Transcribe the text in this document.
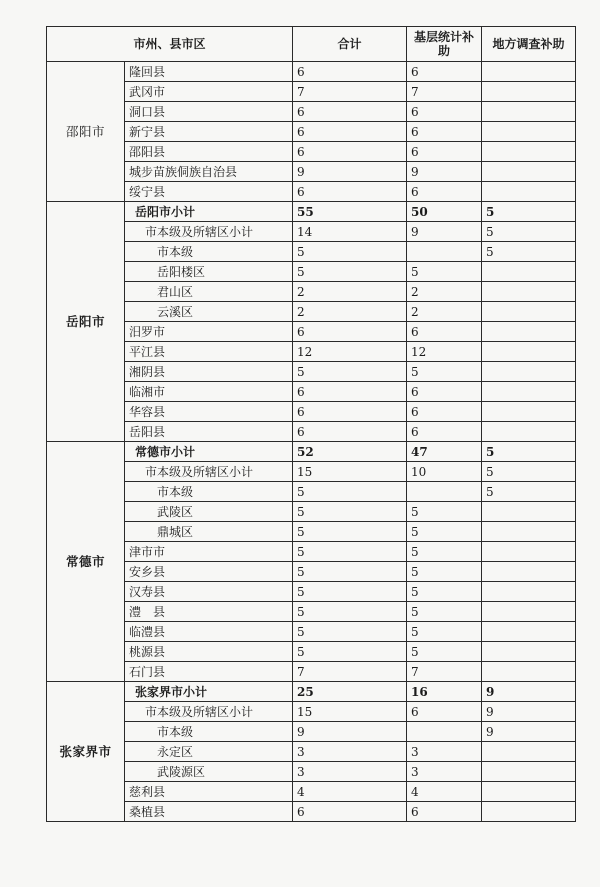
市州、县市区		合计	基层统计补助	地方调查补助
邵阳市	隆回县	6	6	
	武冈市	7	7	
	洞口县	6	6	
	新宁县	6	6	
	邵阳县	6	6	
	城步苗族侗族自治县	9	9	
	绥宁县	6	6	
岳阳市	岳阳市小计	55	50	5
	市本级及所辖区小计	14	9	5
	市本级	5		5
	岳阳楼区	5	5	
	君山区	2	2	
	云溪区	2	2	
	汨罗市	6	6	
	平江县	12	12	
	湘阴县	5	5	
	临湘市	6	6	
	华容县	6	6	
	岳阳县	6	6	
常德市	常德市小计	52	47	5
	市本级及所辖区小计	15	10	5
	市本级	5		5
	武陵区	5	5	
	鼎城区	5	5	
	津市市	5	5	
	安乡县	5	5	
	汉寿县	5	5	
	澧　县	5	5	
	临澧县	5	5	
	桃源县	5	5	
	石门县	7	7	
张家界市	张家界市小计	25	16	9
	市本级及所辖区小计	15	6	9
	市本级	9		9
	永定区	3	3	
	武陵源区	3	3	
	慈利县	4	4	
	桑植县	6	6	
